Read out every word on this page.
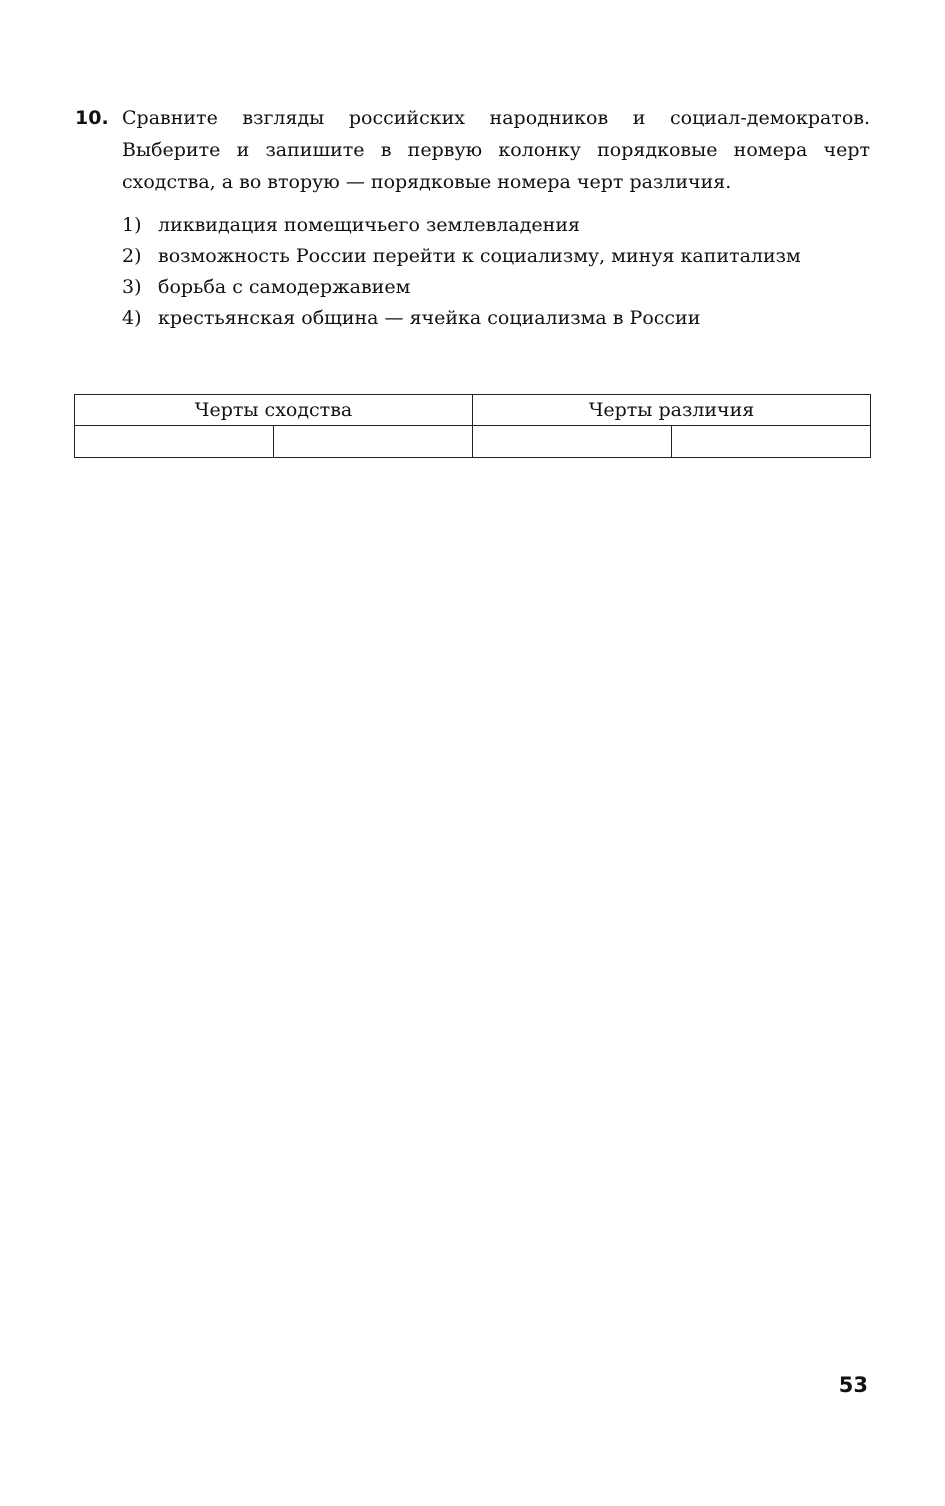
10. Сравните взгляды российских народников и социал-демократов. Выберите и запишите в первую колонку порядковые номера черт сходства, а во вторую — порядковые номера черт различия.
1) ликвидация помещичьего землевладения
2) возможность России перейти к социализму, минуя капитализм
3) борьба с самодержавием
4) крестьянская община — ячейка социализма в России
Черты сходства		Черты различия	

53
